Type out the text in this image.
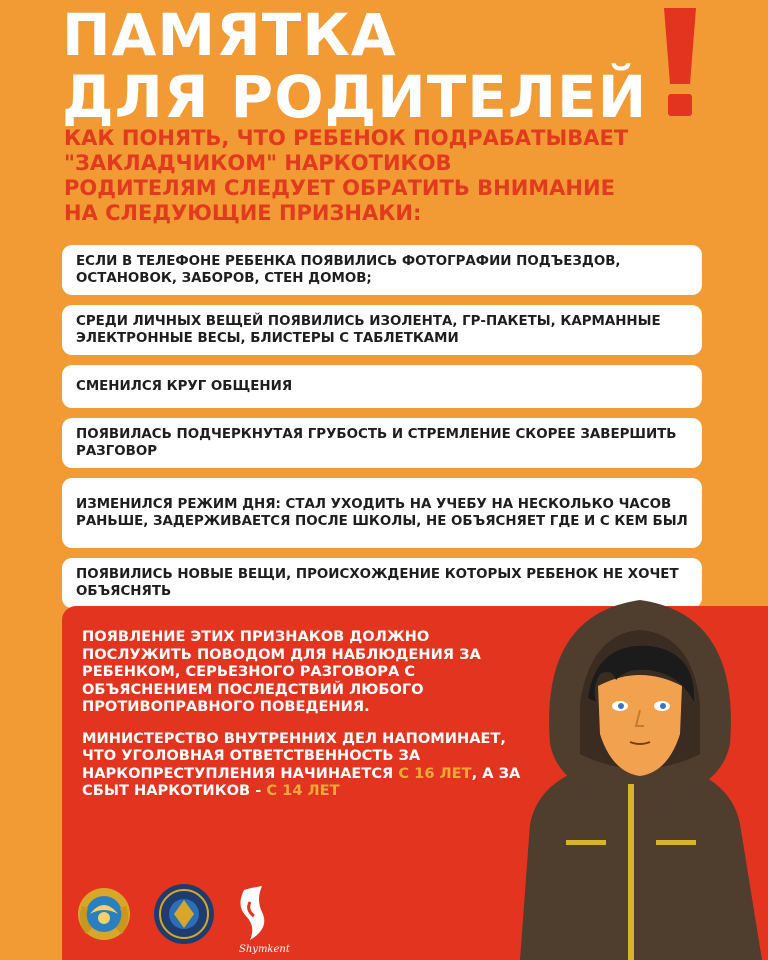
ПАМЯТКА
ДЛЯ РОДИТЕЛЕЙ
КАК ПОНЯТЬ, ЧТО РЕБЕНОК ПОДРАБАТЫВАЕТ
"ЗАКЛАДЧИКОМ" НАРКОТИКОВ
РОДИТЕЛЯМ СЛЕДУЕТ ОБРАТИТЬ ВНИМАНИЕ
НА СЛЕДУЮЩИЕ ПРИЗНАКИ:
ЕСЛИ В ТЕЛЕФОНЕ РЕБЕНКА ПОЯВИЛИСЬ ФОТОГРАФИИ ПОДЪЕЗДОВ, ОСТАНОВОК, ЗАБОРОВ, СТЕН ДОМОВ;
СРЕДИ ЛИЧНЫХ ВЕЩЕЙ ПОЯВИЛИСЬ ИЗОЛЕНТА, ГР-ПАКЕТЫ, КАРМАННЫЕ ЭЛЕКТРОННЫЕ ВЕСЫ, БЛИСТЕРЫ С ТАБЛЕТКАМИ
СМЕНИЛСЯ КРУГ ОБЩЕНИЯ
ПОЯВИЛАСЬ ПОДЧЕРКНУТАЯ ГРУБОСТЬ И СТРЕМЛЕНИЕ СКОРЕЕ ЗАВЕРШИТЬ РАЗГОВОР
ИЗМЕНИЛСЯ РЕЖИМ ДНЯ: СТАЛ УХОДИТЬ НА УЧЕБУ НА НЕСКОЛЬКО ЧАСОВ РАНЬШЕ, ЗАДЕРЖИВАЕТСЯ ПОСЛЕ ШКОЛЫ, НЕ ОБЪЯСНЯЕТ ГДЕ И С КЕМ БЫЛ
ПОЯВИЛИСЬ НОВЫЕ ВЕЩИ, ПРОИСХОЖДЕНИЕ КОТОРЫХ РЕБЕНОК НЕ ХОЧЕТ ОБЪЯСНЯТЬ

ПОЯВЛЕНИЕ ЭТИХ ПРИЗНАКОВ ДОЛЖНО ПОСЛУЖИТЬ ПОВОДОМ ДЛЯ НАБЛЮДЕНИЯ ЗА РЕБЕНКОМ, СЕРЬЕЗНОГО РАЗГОВОРА С ОБЪЯСНЕНИЕМ ПОСЛЕДСТВИЙ ЛЮБОГО ПРОТИВОПРАВНОГО ПОВЕДЕНИЯ.

МИНИСТЕРСТВО ВНУТРЕННИХ ДЕЛ НАПОМИНАЕТ, ЧТО УГОЛОВНАЯ ОТВЕТСТВЕННОСТЬ ЗА НАРКОПРЕСТУПЛЕНИЯ НАЧИНАЕТСЯ С 16 ЛЕТ, А ЗА СБЫТ НАРКОТИКОВ - С 14 ЛЕТ

Shymkent
